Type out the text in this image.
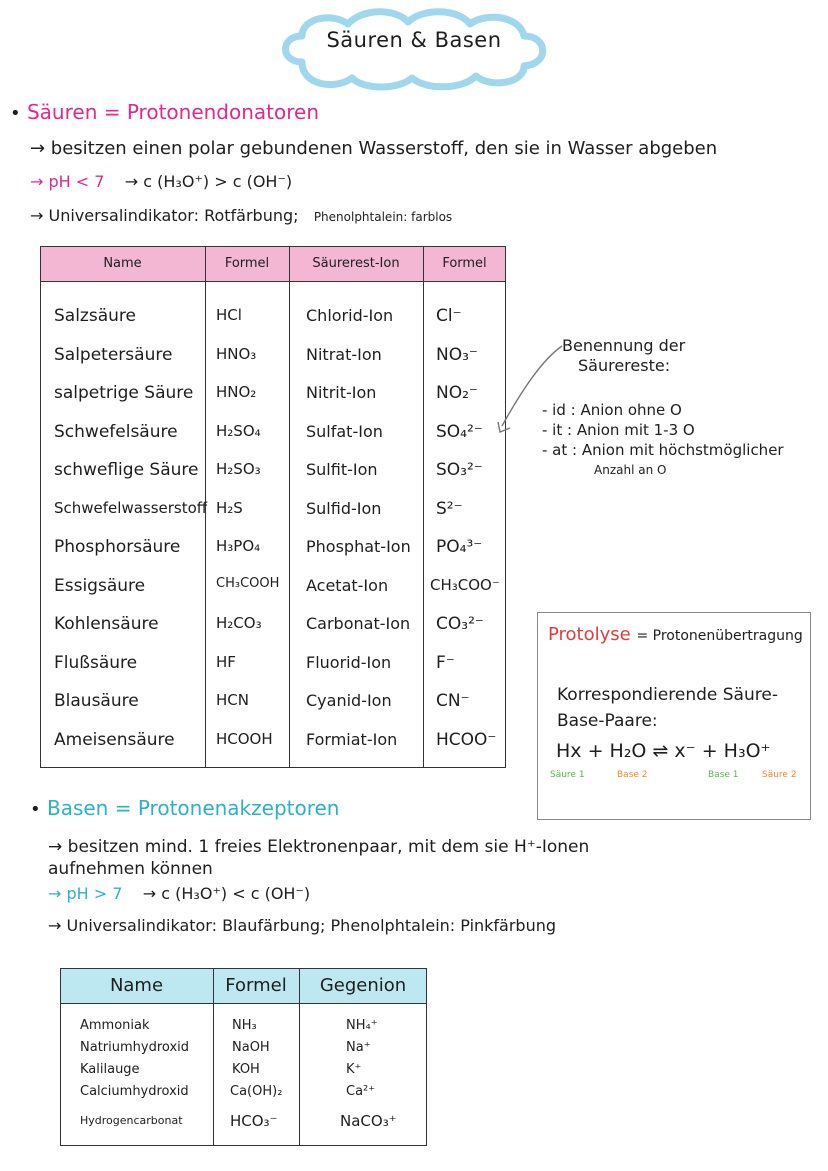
Säuren & Basen
• Säuren = Protonendonatoren
→ besitzen einen polar gebundenen Wasserstoff, den sie in Wasser abgeben
→ pH < 7 → c (H₃O⁺) > c (OH⁻)
→ Universalindikator: Rotfärbung; Phenolphtalein: farblos
Name	Formel	Säurerest-Ion	Formel
Salzsäure	HCl	Chlorid-Ion	Cl⁻
Salpetersäure	HNO₃	Nitrat-Ion	NO₃⁻
salpetrige Säure HNO₂	Nitrit-Ion	NO₂⁻
Schwefelsäure	H₂SO₄	Sulfat-Ion	SO₄²⁻
schweflige Säure H₂SO₃	Sulfit-Ion	SO₃²⁻
Schwefelwasserstoff H₂S	Sulfid-Ion	S²⁻
Phosphorsäure H₃PO₄	Phosphat-Ion PO₄³⁻
Essigsäure	CH₃COOH Acetat-Ion	CH₃COO⁻
Kohlensäure	H₂CO₃	Carbonat-Ion CO₃²⁻
Flußsäure	HF	Fluorid-Ion	F⁻
Blausäure	HCN	Cyanid-Ion	CN⁻
Ameisensäure	HCOOH Formiat-Ion HCOO⁻
Benennung der
Säurereste:
- id : Anion ohne O
- it : Anion mit 1-3 O
- at : Anion mit höchstmöglicher
Anzahl an O
Protolyse = Protonenübertragung
Korrespondierende Säure-
Base-Paare:
Hx + H₂O ⇌ x⁻ + H₃O⁺
Säure 1	Base 2	Base 1	Säure 2
• Basen = Protonenakzeptoren
→ besitzen mind. 1 freies Elektronenpaar, mit dem sie H⁺-Ionen aufnehmen können
→ pH > 7 → c (H₃O⁺) < c (OH⁻)
→ Universalindikator: Blaufärbung; Phenolphtalein: Pinkfärbung
Name	Formel	Gegenion
Ammoniak	NH₃	NH₄⁺
Natriumhydroxid	NaOH	Na⁺
Kalilauge	KOH	K⁺
Calciumhydroxid	Ca(OH)₂	Ca²⁺
Hydrogencarbonat	HCO₃⁻	NaCO₃⁺
